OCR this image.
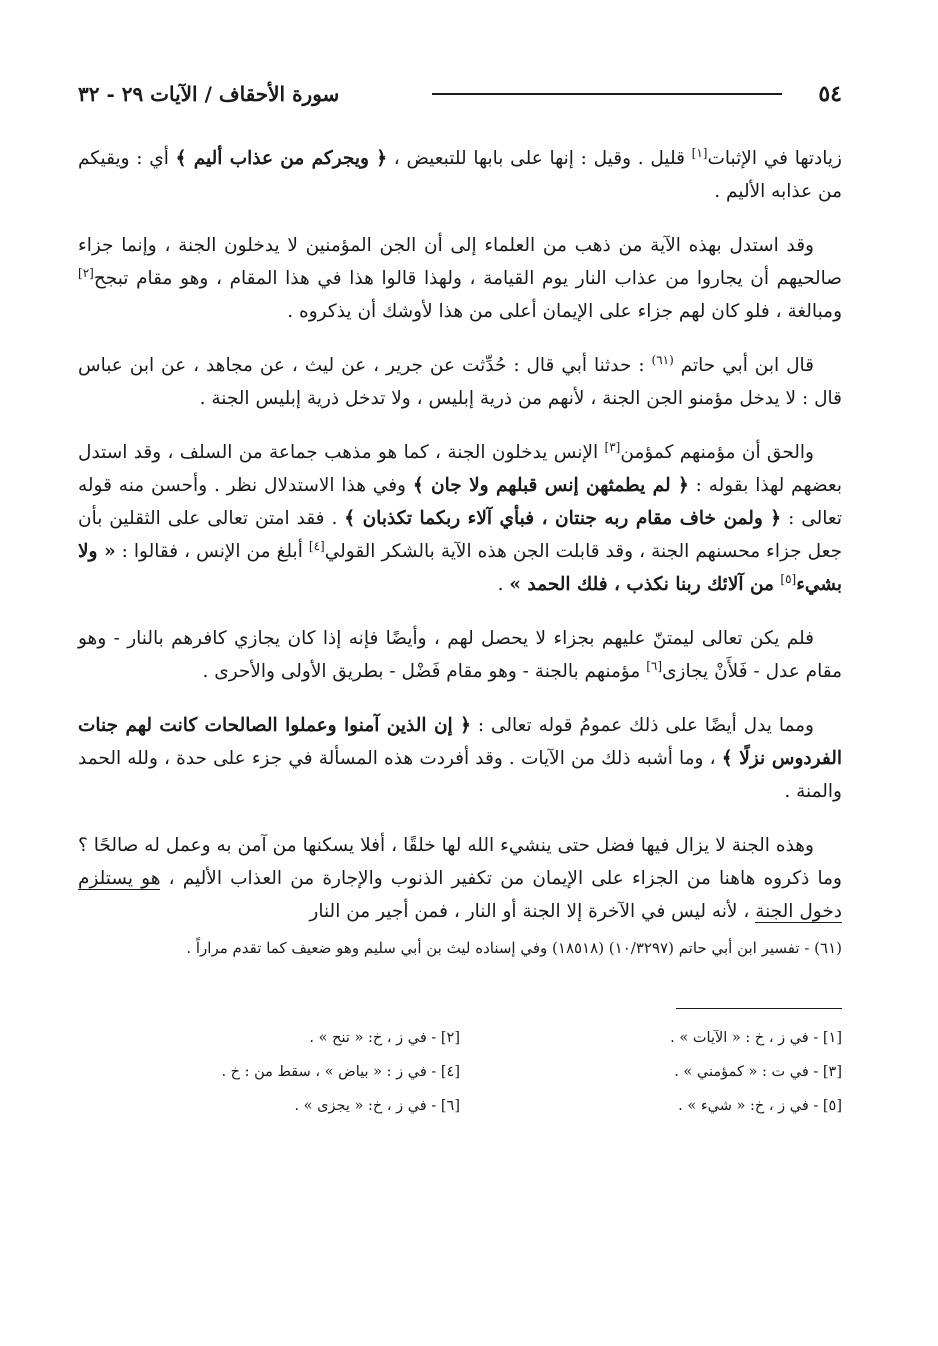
٥٤
سورة الأحقاف / الآيات ٢٩ - ٣٢

زيادتها في الإثبات[١] قليل . وقيل : إنها على بابها للتبعيض ، ﴿ ويجركم من عذاب أليم ﴾ أي : ويقيكم من عذابه الأليم .

وقد استدل بهذه الآية من ذهب من العلماء إلى أن الجن المؤمنين لا يدخلون الجنة ، وإنما جزاء صالحيهم أن يجاروا من عذاب النار يوم القيامة ، ولهذا قالوا هذا في هذا المقام ، وهو مقام تبجح[٢] ومبالغة ، فلو كان لهم جزاء على الإيمان أعلى من هذا لأوشك أن يذكروه .

قال ابن أبي حاتم $^{(٦١)}$ : حدثنا أبي قال : حُدِّثت عن جرير ، عن ليث ، عن مجاهد ، عن ابن عباس قال : لا يدخل مؤمنو الجن الجنة ، لأنهم من ذرية إبليس ، ولا تدخل ذرية إبليس الجنة .

والحق أن مؤمنهم كمؤمن[٣] الإنس يدخلون الجنة ، كما هو مذهب جماعة من السلف ، وقد استدل بعضهم لهذا بقوله : ﴿ لم يطمثهن إنس قبلهم ولا جان ﴾ وفي هذا الاستدلال نظر . وأحسن منه قوله تعالى : ﴿ ولمن خاف مقام ربه جنتان ، فبأي آلاء ربكما تكذبان ﴾ . فقد امتن تعالى على الثقلين بأن جعل جزاء محسنهم الجنة ، وقد قابلت الجن هذه الآية بالشكر القولي[٤] أبلغ من الإنس ، فقالوا : « ولا بشيء[٥] من آلائك ربنا نكذب ، فلك الحمد » .

فلم يكن تعالى ليمتنّ عليهم بجزاء لا يحصل لهم ، وأيضًا فإنه إذا كان يجازي كافرهم بالنار - وهو مقام عدل - فَلأَنْ يجازى[٦] مؤمنهم بالجنة - وهو مقام فَضْل - بطريق الأولى والأحرى .

ومما يدل أيضًا على ذلك عمومُ قوله تعالى : ﴿ إن الذين آمنوا وعملوا الصالحات كانت لهم جنات الفردوس نزلًا ﴾ ، وما أشبه ذلك من الآيات . وقد أفردت هذه المسألة في جزء على حدة ، ولله الحمد والمنة .

وهذه الجنة لا يزال فيها فضل حتى ينشيء الله لها خلقًا ، أفلا يسكنها من آمن به وعمل له صالحًا ؟ وما ذكروه هاهنا من الجزاء على الإيمان من تكفير الذنوب والإجارة من العذاب الأليم ، هو يستلزم دخول الجنة ، لأنه ليس في الآخرة إلا الجنة أو النار ، فمن أجير من النار

(٦١) - تفسير ابن أبي حاتم (١٠/٣٢٩٧) (١٨٥١٨) وفي إسناده ليث بن أبي سليم وهو ضعيف كما تقدم مراراً .
[١] - في ز ، خ : « الآيات » .
[٢] - في ز ، خ: « تنح » .
[٣] - في ت : « كمؤمني » .
[٤] - في ز : « بياض » ، سقط من : خ .
[٥] - في ز ، خ: « شيء » .
[٦] - في ز ، خ: « يجزى » .
